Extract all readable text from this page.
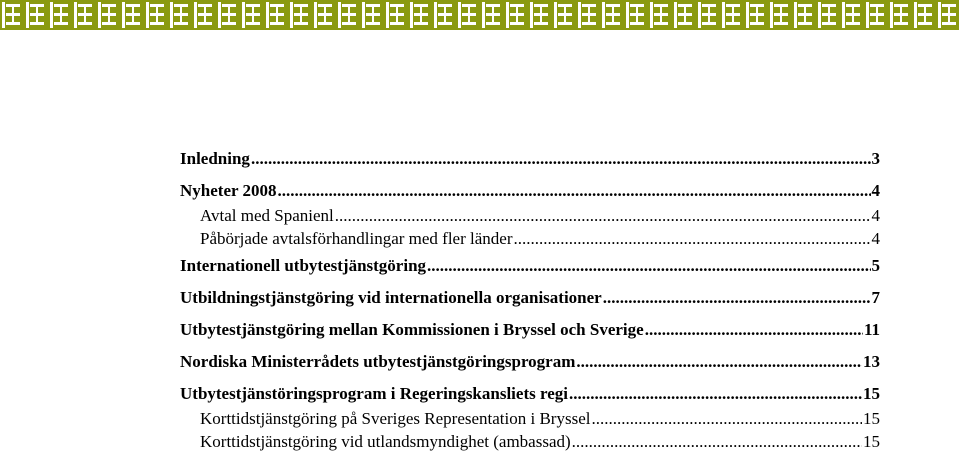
Inledning .....	3
Nyheter 2008 .....	4
Avtal med Spanienl .....	4
Påbörjade avtalsförhandlingar med fler länder .....	4
Internationell utbytestjänstgöring .....	5
Utbildningstjänstgöring vid internationella organisationer .....	7
Utbytestjänstgöring mellan Kommissionen i Bryssel och Sverige .....	11
Nordiska Ministerrådets utbytestjänstgöringsprogram .....	13
Utbytestjänstöringsprogram i Regeringskansliets regi .....	15
Korttidstjänstgöring på Sveriges Representation i Bryssel .....	15
Korttidstjänstgöring vid utlandsmyndighet (ambassad) .....	15
